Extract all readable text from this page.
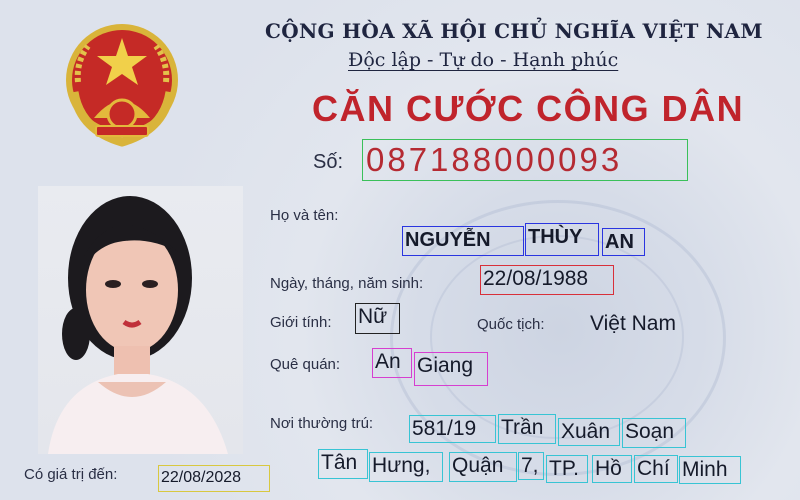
CỘNG HÒA XÃ HỘI CHỦ NGHĨA VIỆT NAM
Độc lập - Tự do - Hạnh phúc
CĂN CƯỚC CÔNG DÂN
Số: 087188000093
Họ và tên:
NGUYỄN	THÙY	AN
Ngày, tháng, năm sinh:	22/08/1988
Giới tính: Nữ	Quốc tịch: Việt Nam
Quê quán: An Giang
Nơi thường trú: 581/19	Trần Xuân Soạn
Tân Hưng,	Quận 7, TP. Hồ Chí Minh
Có giá trị đến:	22/08/2028
